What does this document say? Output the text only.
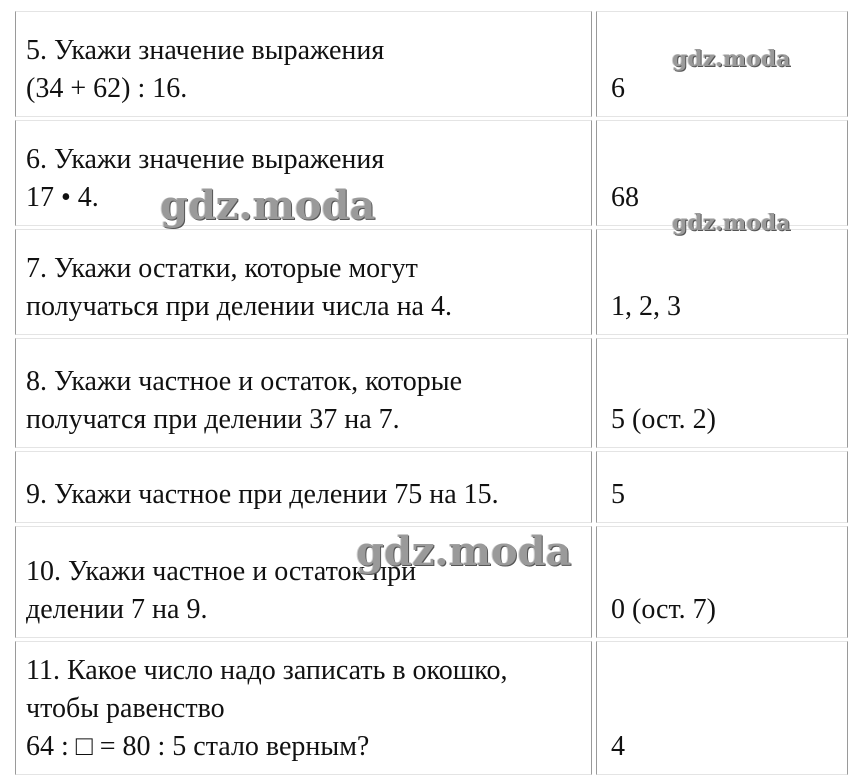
5. Укажи значение выражения
(34 + 62) : 16.	6

6. Укажи значение выражения
17 • 4.	68

7. Укажи остатки, которые могут
получаться при делении числа на 4.	1, 2, 3

8. Укажи частное и остаток, которые
получатся при делении 37 на 7.	5 (ост. 2)

9. Укажи частное при делении 75 на 15.	5

10. Укажи частное и остаток при
делении 7 на 9.	0 (ост. 7)

11. Какое число надо записать в окошко,
чтобы равенство
64 : □ = 80 : 5 стало верным?	4
gdz.moda
gdz.moda	gdz.moda
gdz.moda
